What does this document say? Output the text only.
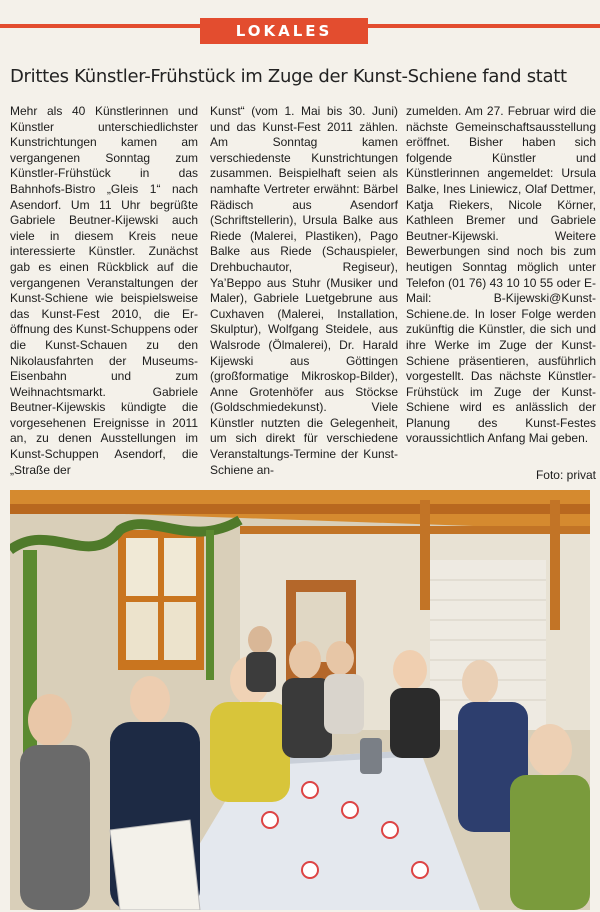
LOKALES
Drittes Künstler-Frühstück im Zuge der Kunst-Schiene fand statt

Mehr als 40 Künstlerinnen und Künstler unterschiedlichster Kunstrichtungen kamen am vergangenen Sonntag zum Künstler-Frühstück in das Bahnhofs-Bistro „Gleis 1“ nach Asendorf. Um 11 Uhr begrüßte Gabriele Beutner-Kijewski auch viele in diesem Kreis neue interessierte Künstler. Zunächst gab es einen Rückblick auf die vergangenen Veranstaltungen der Kunst-Schiene wie beispielsweise das Kunst-Fest 2010, die Eröffnung des Kunst-Schuppens oder die Kunst-Schauen zu den Nikolausfahrten der Museums-Eisenbahn und zum Weihnachtsmarkt. Gabriele Beutner-Kijewskis kündigte die vorgesehenen Ereignisse in 2011 an, zu denen Ausstellungen im Kunst-Schuppen Asendorf, die „Straße der

Kunst“ (vom 1. Mai bis 30. Juni) und das Kunst-Fest 2011 zählen. Am Sonntag kamen verschiedenste Kunstrichtungen zusammen. Beispielhaft seien als namhafte Vertreter erwähnt: Bärbel Rädisch aus Asendorf (Schriftstellerin), Ursula Balke aus Riede (Malerei, Plastiken), Pago Balke aus Riede (Schauspieler, Drehbuchautor, Regiseur), Ya’Beppo aus Stuhr (Musiker und Maler), Gabriele Luetgebrune aus Cuxhaven (Malerei, Installation, Skulptur), Wolfgang Steidele, aus Walsrode (Ölmalerei), Dr. Harald Kijewski aus Göttingen (großformatige Mikroskop-Bilder), Anne Grotenhöfer aus Stöckse (Goldschmiedekunst). Viele Künstler nutzten die Gelegenheit, um sich direkt für verschiedene Veranstaltungs-Termine der Kunst-Schiene an-

zumelden. Am 27. Februar wird die nächste Gemeinschaftsausstellung eröffnet. Bisher haben sich folgende Künstler und Künstlerinnen angemeldet: Ursula Balke, Ines Liniewicz, Olaf Dettmer, Katja Riekers, Nicole Körner, Kathleen Bremer und Gabriele Beutner-Kijewski. Weitere Bewerbungen sind noch bis zum heutigen Sonntag möglich unter Telefon (01 76) 43 10 10 55 oder E-Mail: B-Kijewski@Kunst-Schiene.de. In loser Folge werden zukünftig die Künstler, die sich und ihre Werke im Zuge der Kunst-Schiene präsentieren, ausführlich vorgestellt. Das nächste Künstler-Frühstück im Zuge der Kunst-Schiene wird es anlässlich der Planung des Kunst-Festes voraussichtlich Anfang Mai geben.

Foto: privat
